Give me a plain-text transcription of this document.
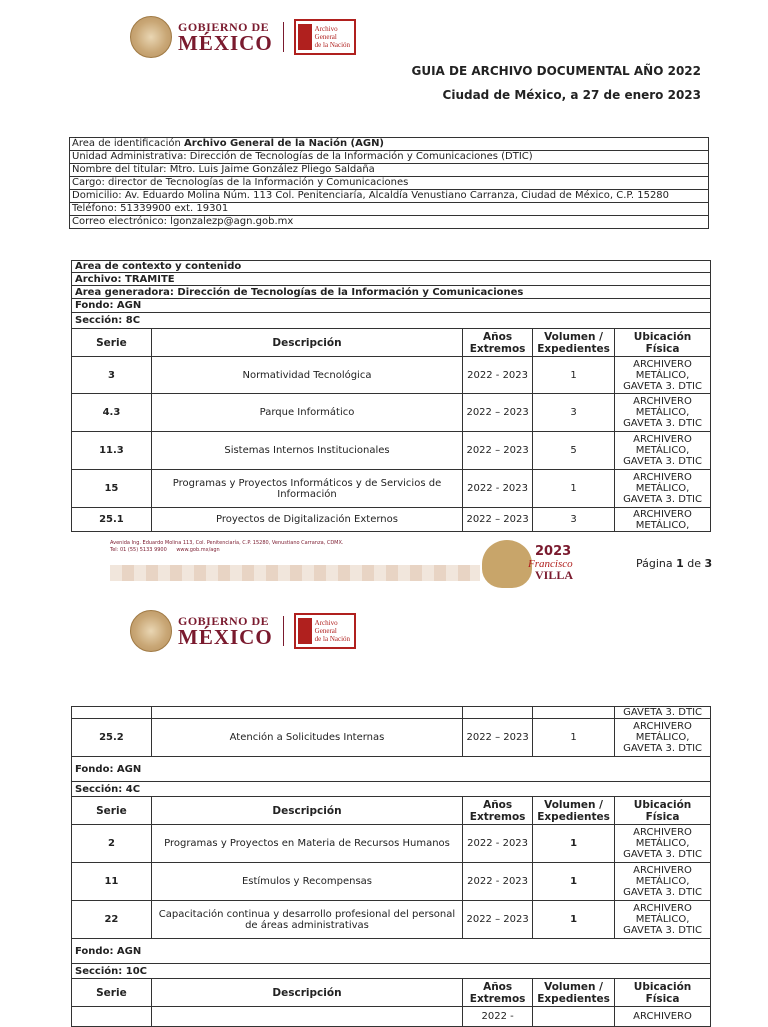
GOBIERNO DE
MÉXICO
Archivo
General
de la Nación
GUIA DE ARCHIVO DOCUMENTAL AÑO 2022
Ciudad de México, a 27 de enero 2023
Área de identificación Archivo General de la Nación (AGN)
Unidad Administrativa: Dirección de Tecnologías de la Información y Comunicaciones (DTIC)
Nombre del titular: Mtro. Luis Jaime González Pliego Saldaña
Cargo: director de Tecnologías de la Información y Comunicaciones
Domicilio: Av. Eduardo Molina Núm. 113 Col. Penitenciaría, Alcaldía Venustiano Carranza, Ciudad de México, C.P. 15280
Teléfono: 51339900 ext. 19301
Correo electrónico: lgonzalezp@agn.gob.mx
Area de contexto y contenido				
Archivo: TRAMITE				
Area generadora: Dirección de Tecnologías de la Información y Comunicaciones				
Fondo: AGN				
Sección: 8C				
Serie	Descripción	Años Extremos	Volumen / Expedientes	Ubicación Física
3	Normatividad Tecnológica	2022 - 2023	1	ARCHIVERO METÁLICO, GAVETA 3. DTIC
4.3	Parque Informático	2022 – 2023	3	ARCHIVERO METÁLICO, GAVETA 3. DTIC
11.3	Sistemas Internos Institucionales	2022 – 2023	5	ARCHIVERO METÁLICO, GAVETA 3. DTIC
15	Programas y Proyectos Informáticos y de Servicios de Información	2022 - 2023	1	ARCHIVERO METÁLICO, GAVETA 3. DTIC
25.1	Proyectos de Digitalización Externos	2022 – 2023	3	ARCHIVERO METÁLICO,
Avenida Ing. Eduardo Molina 113, Col. Penitenciaría, C.P. 15280, Venustiano Carranza, CDMX.
Tel: 01 (55) 5133 9900 www.gob.mx/agn	2023
Francisco
VILLA
Página 1 de 3
GOBIERNO DE
MÉXICO
Archivo
General
de la Nación
				GAVETA 3. DTIC
25.2	Atención a Solicitudes Internas	2022 – 2023	1	ARCHIVERO METÁLICO, GAVETA 3. DTIC
Fondo: AGN				
Sección: 4C				
Serie	Descripción	Años Extremos	Volumen / Expedientes	Ubicación Física
2	Programas y Proyectos en Materia de Recursos Humanos	2022 - 2023	1	ARCHIVERO METÁLICO, GAVETA 3. DTIC
11	Estímulos y Recompensas	2022 - 2023	1	ARCHIVERO METÁLICO, GAVETA 3. DTIC
22	Capacitación continua y desarrollo profesional del personal de áreas administrativas	2022 – 2023	1	ARCHIVERO METÁLICO, GAVETA 3. DTIC
Fondo: AGN				
Sección: 10C				
Serie	Descripción	Años Extremos	Volumen / Expedientes	Ubicación Física
		2022 -		ARCHIVERO
